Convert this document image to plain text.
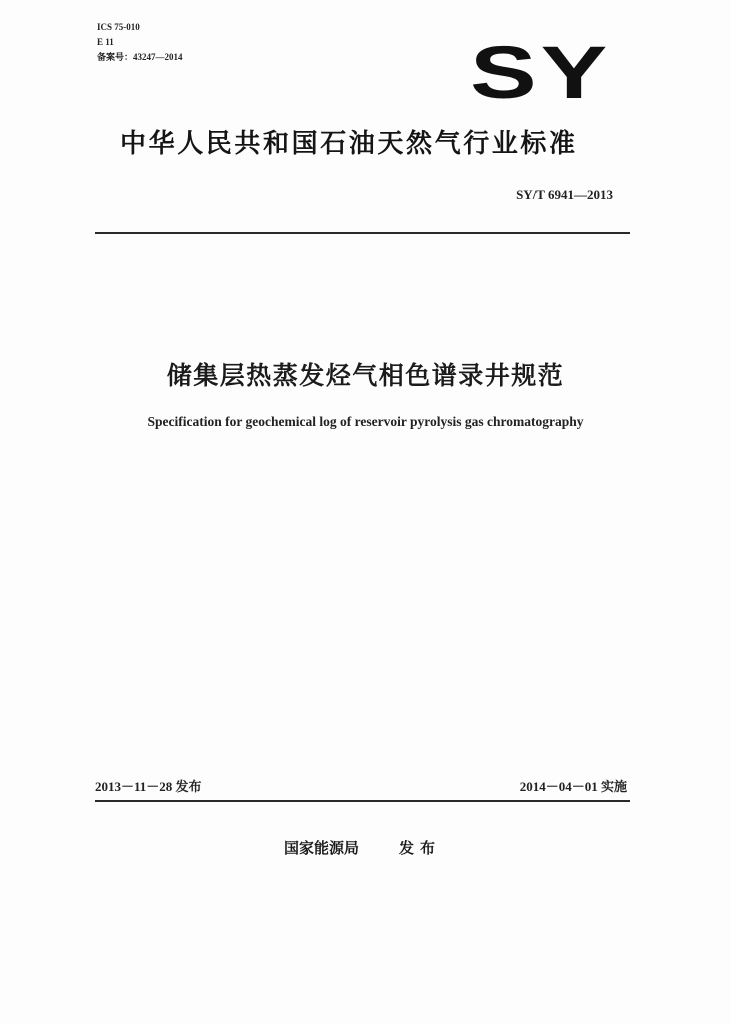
ICS 75-010
E 11
备案号：43247—2014	SY
中华人民共和国石油天然气行业标准
SY/T 6941—2013
储集层热蒸发烃气相色谱录井规范
Specification for geochemical log of reservoir pyrolysis gas chromatography
2013－11－28 发布	2014－04－01 实施
国家能源局	发布
